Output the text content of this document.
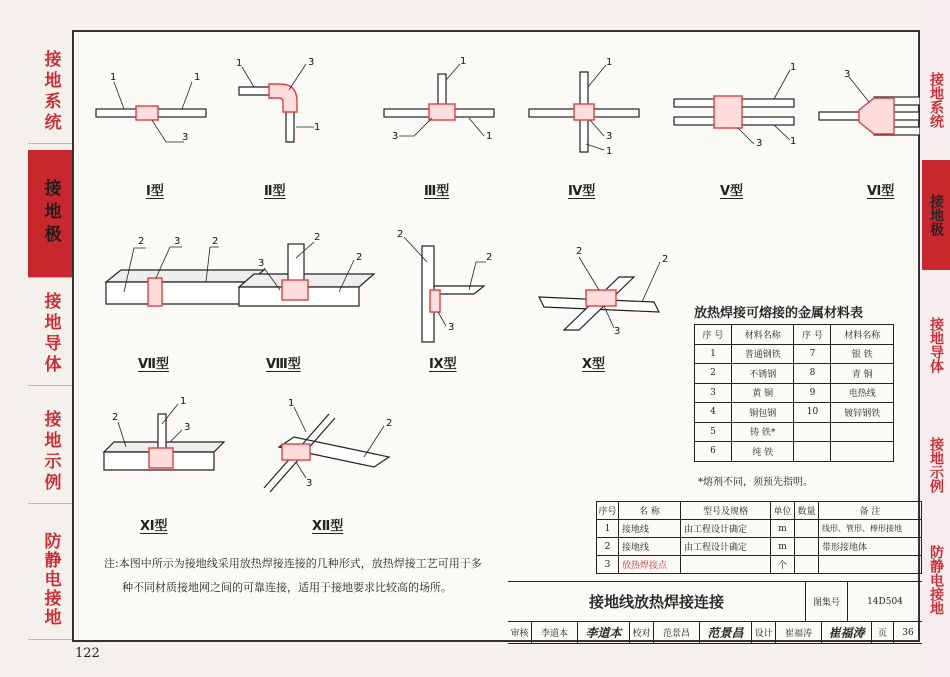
接地系统
接地极
接地导体
接地示例
防静电接地
接地系统
接地极
接地导体
接地示例
防静电接地
1	1
3
1	3
1
1
3	1
1
3
1
1
1
3
3
2	3	2	2
3
2
2
2
3
2
2
3
1
3
2
1
2
3
Ⅰ型	Ⅱ型	Ⅲ型	Ⅳ型	Ⅴ型	Ⅵ型
Ⅶ型	Ⅷ型	Ⅸ型	Ⅹ型
Ⅺ型	Ⅻ型
放热焊接可熔接的金属材料表
序 号	材料名称	序 号	材料名称
1	普通钢铁	7	银 铁
2	不锈钢	8	青 铜
3	黄 铜	9	电热线
4	铜包钢	10	镀锌钢铁
5	铸 铁*		
6	纯 铁		
*熔剂不同，须预先指明。
序号	名 称	型号及规格	单位	数量	备 注
1	接地线	由工程设计确定	m		线形、管形、棒形接地
2	接地线	由工程设计确定	m		带形接地体
3	放热焊接点		个		
注:本图中所示为接地线采用放热焊接连接的几种形式，放热焊接工艺可用于多
种不同材质接地网之间的可靠连接，适用于接地要求比较高的场所。
接地线放热焊接连接	图集号	14D504
审核	李道本	李道本	校对	范景昌	范景昌	设计	崔福涛	崔福涛	页	36
122
